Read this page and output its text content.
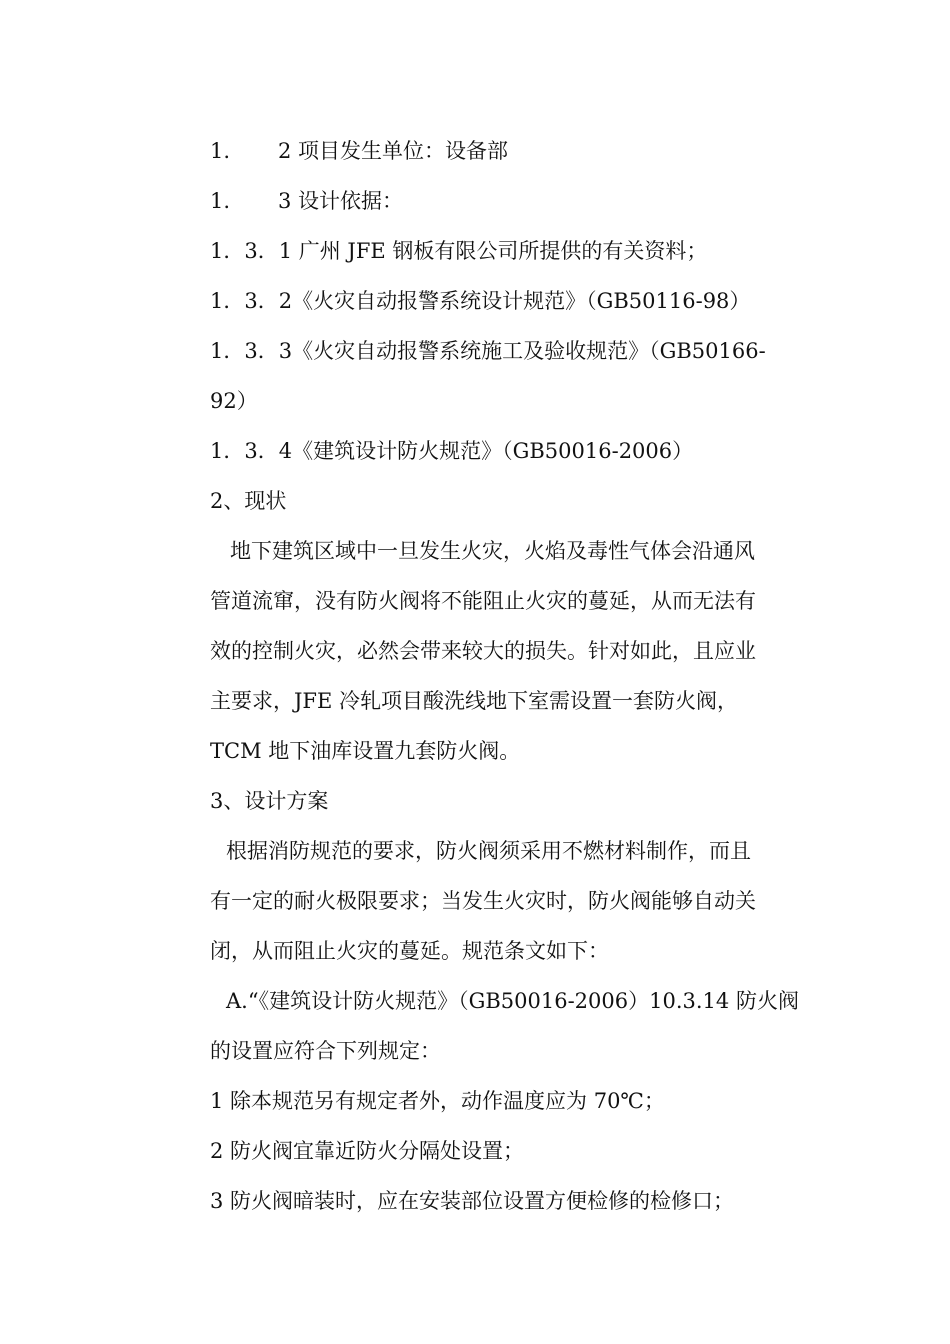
1. 2 项目发生单位：设备部
1. 3 设计依据：
1．3．1 广州 JFE 钢板有限公司所提供的有关资料；
1．3．2《火灾自动报警系统设计规范》（GB50116-98）
1．3．3《火灾自动报警系统施工及验收规范》（GB50166-
92）
1．3．4《建筑设计防火规范》（GB50016-2006）
2、现状
地下建筑区域中一旦发生火灾，火焰及毒性气体会沿通风
管道流窜，没有防火阀将不能阻止火灾的蔓延，从而无法有
效的控制火灾，必然会带来较大的损失。针对如此，且应业
主要求，JFE 冷轧项目酸洗线地下室需设置一套防火阀，
TCM 地下油库设置九套防火阀。
3、设计方案
根据消防规范的要求，防火阀须采用不燃材料制作，而且
有一定的耐火极限要求；当发生火灾时，防火阀能够自动关
闭，从而阻止火灾的蔓延。规范条文如下：
A.“《建筑设计防火规范》（GB50016-2006）10.3.14 防火阀
的设置应符合下列规定：
1 除本规范另有规定者外，动作温度应为 70℃；
2 防火阀宜靠近防火分隔处设置；
3 防火阀暗装时，应在安装部位设置方便检修的检修口；
